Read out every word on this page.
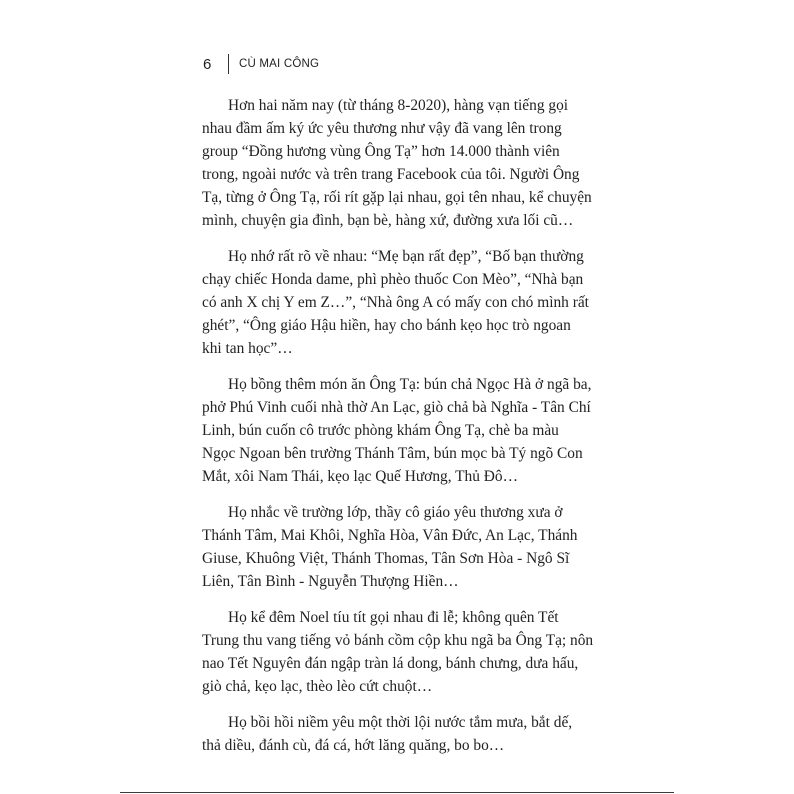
6	CÙ MAI CÔNG

Hơn hai năm nay (từ tháng 8-2020), hàng vạn tiếng gọi nhau đầm ấm ký ức yêu thương như vậy đã vang lên trong group “Đồng hương vùng Ông Tạ” hơn 14.000 thành viên trong, ngoài nước và trên trang Facebook của tôi. Người Ông Tạ, từng ở Ông Tạ, rối rít gặp lại nhau, gọi tên nhau, kể chuyện mình, chuyện gia đình, bạn bè, hàng xứ, đường xưa lối cũ…

Họ nhớ rất rõ về nhau: “Mẹ bạn rất đẹp”, “Bố bạn thường chạy chiếc Honda dame, phì phèo thuốc Con Mèo”, “Nhà bạn có anh X chị Y em Z…”, “Nhà ông A có mấy con chó mình rất ghét”, “Ông giáo Hậu hiền, hay cho bánh kẹo học trò ngoan khi tan học”…

Họ bồng thêm món ăn Ông Tạ: bún chả Ngọc Hà ở ngã ba, phở Phú Vinh cuối nhà thờ An Lạc, giò chả bà Nghĩa - Tân Chí Linh, bún cuốn cô trước phòng khám Ông Tạ, chè ba màu Ngọc Ngoan bên trường Thánh Tâm, bún mọc bà Tý ngõ Con Mắt, xôi Nam Thái, kẹo lạc Quế Hương, Thủ Đô…

Họ nhắc về trường lớp, thầy cô giáo yêu thương xưa ở Thánh Tâm, Mai Khôi, Nghĩa Hòa, Vân Đức, An Lạc, Thánh Giuse, Khuông Việt, Thánh Thomas, Tân Sơn Hòa - Ngô Sĩ Liên, Tân Bình - Nguyễn Thượng Hiền…

Họ kể đêm Noel tíu tít gọi nhau đi lễ; không quên Tết Trung thu vang tiếng vỏ bánh cồm cộp khu ngã ba Ông Tạ; nôn nao Tết Nguyên đán ngập tràn lá dong, bánh chưng, dưa hấu, giò chả, kẹo lạc, thèo lèo cứt chuột…

Họ bồi hồi niềm yêu một thời lội nước tắm mưa, bắt dế, thả diều, đánh cù, đá cá, hớt lăng quăng, bo bo…
